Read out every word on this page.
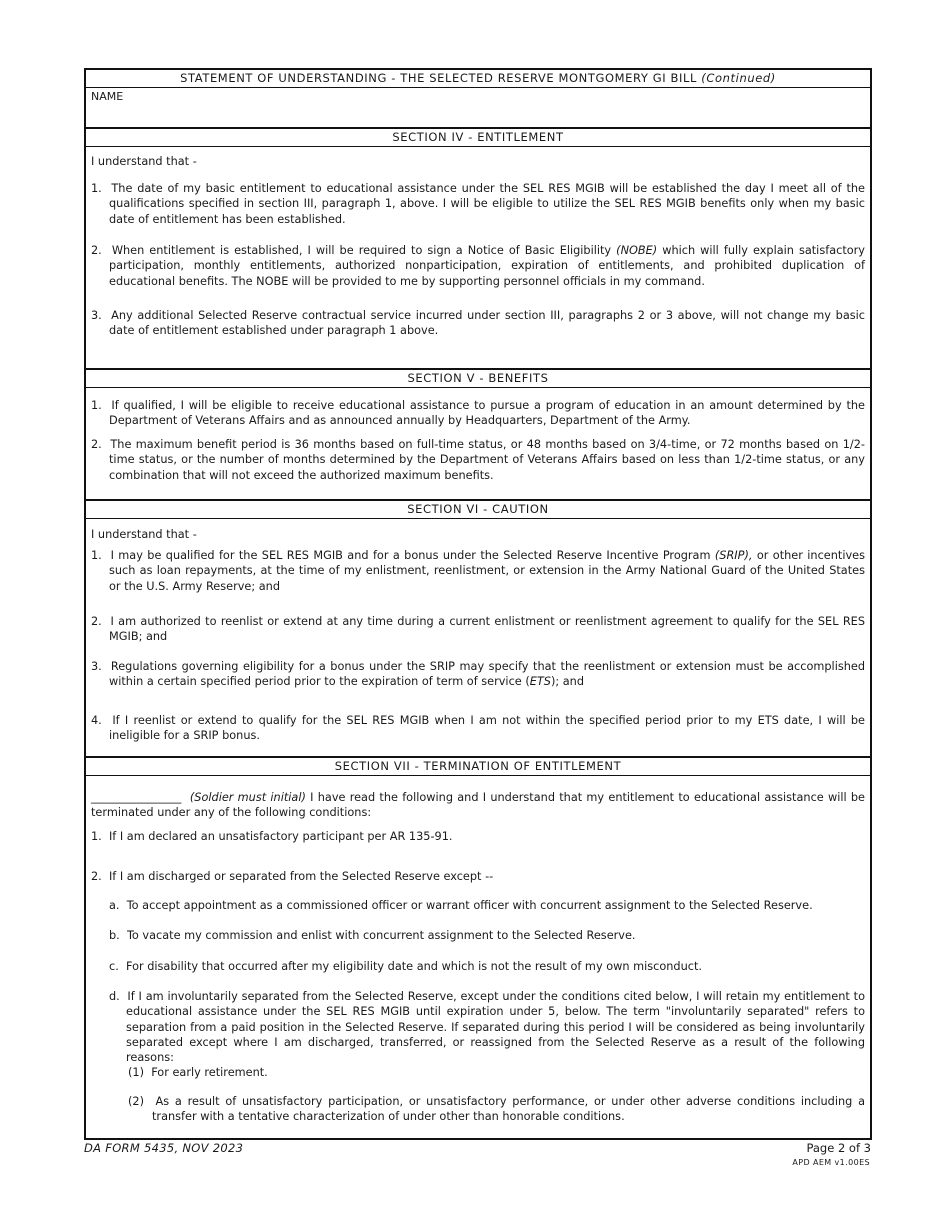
STATEMENT OF UNDERSTANDING - THE SELECTED RESERVE MONTGOMERY GI BILL (Continued)
NAME
SECTION IV - ENTITLEMENT
I understand that -
1. The date of my basic entitlement to educational assistance under the SEL RES MGIB will be established the day I meet all of the qualifications specified in section III, paragraph 1, above. I will be eligible to utilize the SEL RES MGIB benefits only when my basic date of entitlement has been established.
2. When entitlement is established, I will be required to sign a Notice of Basic Eligibility (NOBE) which will fully explain satisfactory participation, monthly entitlements, authorized nonparticipation, expiration of entitlements, and prohibited duplication of educational benefits. The NOBE will be provided to me by supporting personnel officials in my command.
3. Any additional Selected Reserve contractual service incurred under section III, paragraphs 2 or 3 above, will not change my basic date of entitlement established under paragraph 1 above.
SECTION V - BENEFITS
1. If qualified, I will be eligible to receive educational assistance to pursue a program of education in an amount determined by the Department of Veterans Affairs and as announced annually by Headquarters, Department of the Army.
2. The maximum benefit period is 36 months based on full-time status, or 48 months based on 3/4-time, or 72 months based on 1/2-time status, or the number of months determined by the Department of Veterans Affairs based on less than 1/2-time status, or any combination that will not exceed the authorized maximum benefits.
SECTION VI - CAUTION
I understand that -
1. I may be qualified for the SEL RES MGIB and for a bonus under the Selected Reserve Incentive Program (SRIP), or other incentives such as loan repayments, at the time of my enlistment, reenlistment, or extension in the Army National Guard of the United States or the U.S. Army Reserve; and
2. I am authorized to reenlist or extend at any time during a current enlistment or reenlistment agreement to qualify for the SEL RES MGIB; and
3. Regulations governing eligibility for a bonus under the SRIP may specify that the reenlistment or extension must be accomplished within a certain specified period prior to the expiration of term of service (ETS); and
4. If I reenlist or extend to qualify for the SEL RES MGIB when I am not within the specified period prior to my ETS date, I will be ineligible for a SRIP bonus.
SECTION VII - TERMINATION OF ENTITLEMENT
________________ (Soldier must initial) I have read the following and I understand that my entitlement to educational assistance will be terminated under any of the following conditions:
1. If I am declared an unsatisfactory participant per AR 135-91.
2. If I am discharged or separated from the Selected Reserve except --
a. To accept appointment as a commissioned officer or warrant officer with concurrent assignment to the Selected Reserve.
b. To vacate my commission and enlist with concurrent assignment to the Selected Reserve.
c. For disability that occurred after my eligibility date and which is not the result of my own misconduct.
d. If I am involuntarily separated from the Selected Reserve, except under the conditions cited below, I will retain my entitlement to educational assistance under the SEL RES MGIB until expiration under 5, below. The term "involuntarily separated" refers to separation from a paid position in the Selected Reserve. If separated during this period I will be considered as being involuntarily separated except where I am discharged, transferred, or reassigned from the Selected Reserve as a result of the following reasons:
(1) For early retirement.
(2) As a result of unsatisfactory participation, or unsatisfactory performance, or under other adverse conditions including a transfer with a tentative characterization of under other than honorable conditions.
DA FORM 5435, NOV 2023	Page 2 of 3
APD AEM v1.00ES
